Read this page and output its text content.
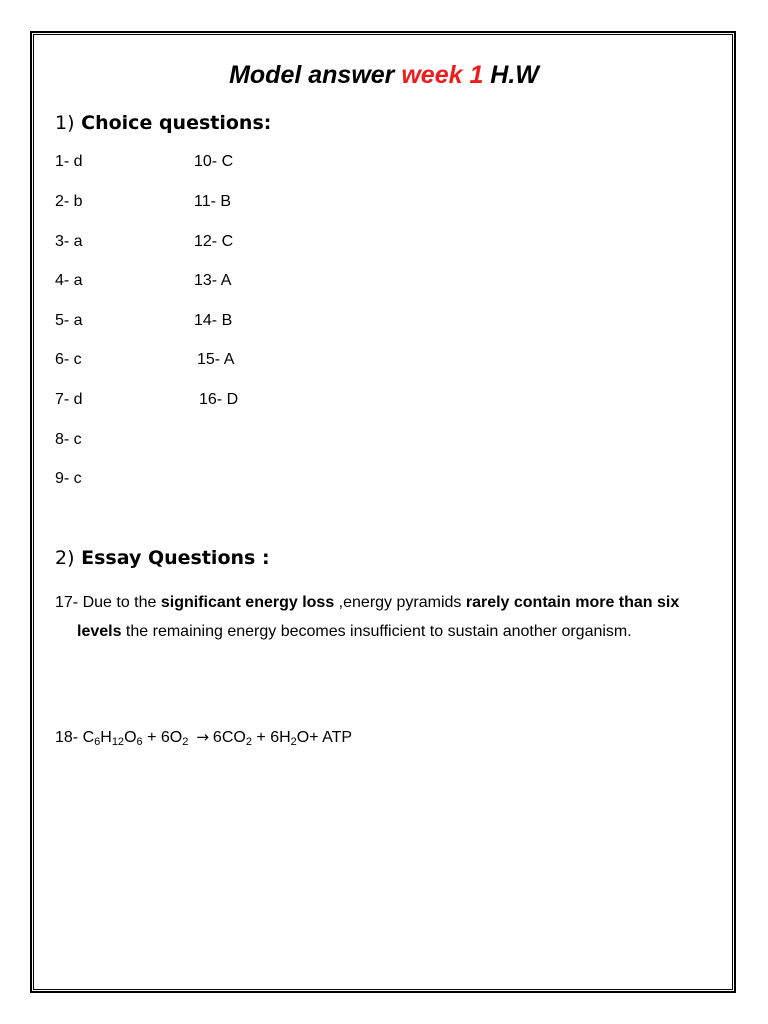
Model answer week 1 H.W
1) Choice questions:
1- d
2- b
3- a
4- a
5- a
6- c
7- d
8- c
9- c
10- C
11- B
12- C
13- A
14- B
15- A
16- D
2) Essay Questions :
17- Due to the significant energy loss ,energy pyramids rarely contain more than six levels the remaining energy becomes insufficient to sustain another organism.
18- $C_6H_{12}O_6 + 6O_2 \to 6CO_2 + 6H_2O+$ ATP
